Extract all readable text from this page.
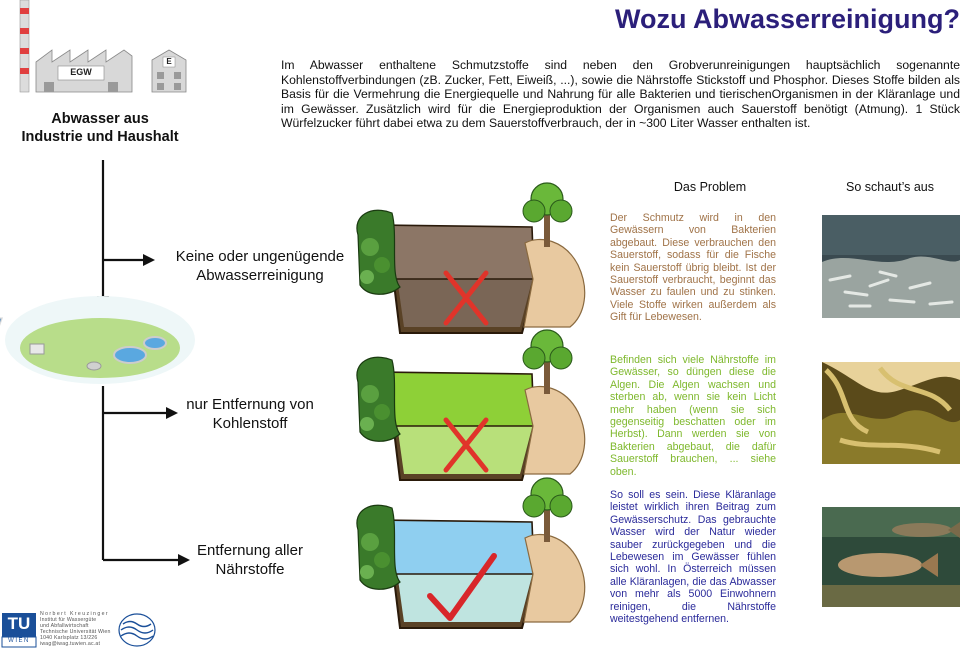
Wozu Abwasserreinigung?
Im Abwasser enthaltene Schmutzstoffe sind neben den Grobverunreinigungen hauptsächlich sogenannte Kohlenstoffverbindungen (zB. Zucker, Fett, Eiweiß, ...), sowie die Nährstoffe Stickstoff und Phosphor. Dieses Stoffe bilden als Basis für die Vermehrung die Energiequelle und Nahrung für alle Bakterien und tierischenOrganismen in der Kläranlage und im Gewässer. Zusätzlich wird für die Energieproduktion der Organismen auch Sauerstoff benötigt (Atmung). 1 Stück Würfelzucker führt dabei etwa zu dem Sauerstoffverbrauch, der in ~300 Liter Wasser enthalten ist.
EGW
E
Abwasser aus
Industrie und Haushalt
Keine oder ungenügende
Abwasserreinigung
nur Entfernung von
Kohlenstoff
Entfernung aller
Nährstoffe
Das Problem	So schaut’s aus
Der Schmutz wird in den Gewässern von Bakterien abgebaut. Diese verbrauchen den Sauerstoff, sodass für die Fische kein Sauerstoff übrig bleibt. Ist der Sauerstoff verbraucht, beginnt das Wasser zu faulen und zu stinken. Viele Stoffe wirken außerdem als Gift für Lebewesen.
Befinden sich viele Nährstoffe im Gewässer, so düngen diese die Algen. Die Algen wachsen und sterben ab, wenn sie kein Licht mehr haben (wenn sie sich gegenseitig beschatten oder im Herbst). Dann werden sie von Bakterien abgebaut, die dafür Sauerstoff brauchen, ... siehe oben.
So soll es sein. Diese Kläranlage leistet wirklich ihren Beitrag zum Gewässerschutz. Das gebrauchte Wasser wird der Natur wieder sauber zurückgegeben und die Lebewesen im Gewässer fühlen sich wohl. In Österreich müssen alle Kläranlagen, die das Abwasser von mehr als 5000 Einwohnern reinigen, die Nährstoffe weitestgehend entfernen.
TU
WIEN
Norbert Kreuzinger
Institut für Wassergüte
und Abfallwirtschaft
Technische Universität Wien
1040 Karlsplatz 13/226
iwag@iwag.tuwien.ac.at
